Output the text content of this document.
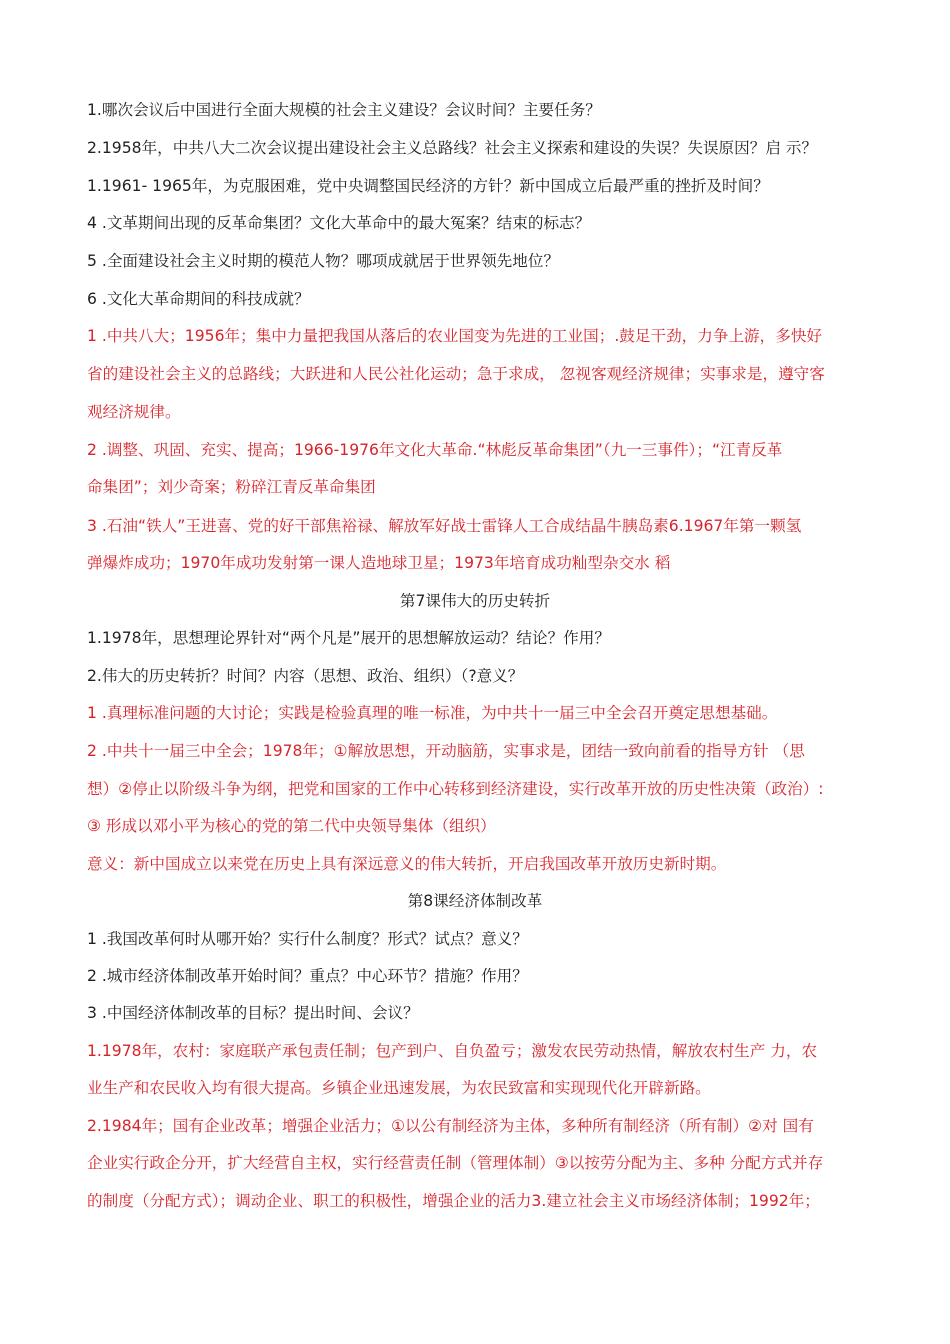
1.哪次会议后中国进行全面大规模的社会主义建设？会议时间？主要任务？
2.1958年，中共八大二次会议提出建设社会主义总路线？社会主义探索和建设的失误？失误原因？启 示？
1.1961- 1965年，为克服困难，党中央调整国民经济的方针？新中国成立后最严重的挫折及时间？
4 .文革期间出现的反革命集团？文化大革命中的最大冤案？结束的标志？
5 .全面建设社会主义时期的模范人物？哪项成就居于世界领先地位？
6 .文化大革命期间的科技成就？
1 .中共八大；1956年；集中力量把我国从落后的农业国变为先进的工业国；.鼓足干劲，力争上游，多快好
省的建设社会主义的总路线；大跃进和人民公社化运动；急于求成， 忽视客观经济规律；实事求是，遵守客
观经济规律。
2 .调整、巩固、充实、提高；1966-1976年文化大革命.“林彪反革命集团”（九一三事件）；“江青反革
命集团”；刘少奇案；粉碎江青反革命集团
3 .石油“铁人”王进喜、党的好干部焦裕禄、解放军好战士雷锋人工合成结晶牛胰岛素6.1967年第一颗氢
弹爆炸成功；1970年成功发射第一课人造地球卫星；1973年培育成功籼型杂交水 稻
第7课伟大的历史转折
1.1978年，思想理论界针对“两个凡是”展开的思想解放运动？结论？作用？
2.伟大的历史转折？时间？内容（思想、政治、组织）（?意义？
1 .真理标准问题的大讨论；实践是检验真理的唯一标准，为中共十一届三中全会召开奠定思想基础。
2 .中共十一届三中全会；1978年；①解放思想，开动脑筋，实事求是，团结一致向前看的指导方针 （思
想）②停止以阶级斗争为纲，把党和国家的工作中心转移到经济建设，实行改革开放的历史性决策（政治）:
③ 形成以邓小平为核心的党的第二代中央领导集体（组织）
意义：新中国成立以来党在历史上具有深远意义的伟大转折，开启我国改革开放历史新时期。
第8课经济体制改革
1 .我国改革何时从哪开始？实行什么制度？形式？试点？意义？
2 .城市经济体制改革开始时间？重点？中心环节？措施？作用？
3 .中国经济体制改革的目标？提出时间、会议？
1.1978年，农村：家庭联产承包责任制；包产到户、自负盈亏；激发农民劳动热情，解放农村生产 力，农
业生产和农民收入均有很大提高。乡镇企业迅速发展，为农民致富和实现现代化开辟新路。
2.1984年；国有企业改革；增强企业活力；①以公有制经济为主体，多种所有制经济（所有制）②对 国有
企业实行政企分开，扩大经营自主权，实行经营责任制（管理体制）③以按劳分配为主、多种 分配方式并存
的制度（分配方式）；调动企业、职工的积极性，增强企业的活力3.建立社会主义市场经济体制；1992年；
